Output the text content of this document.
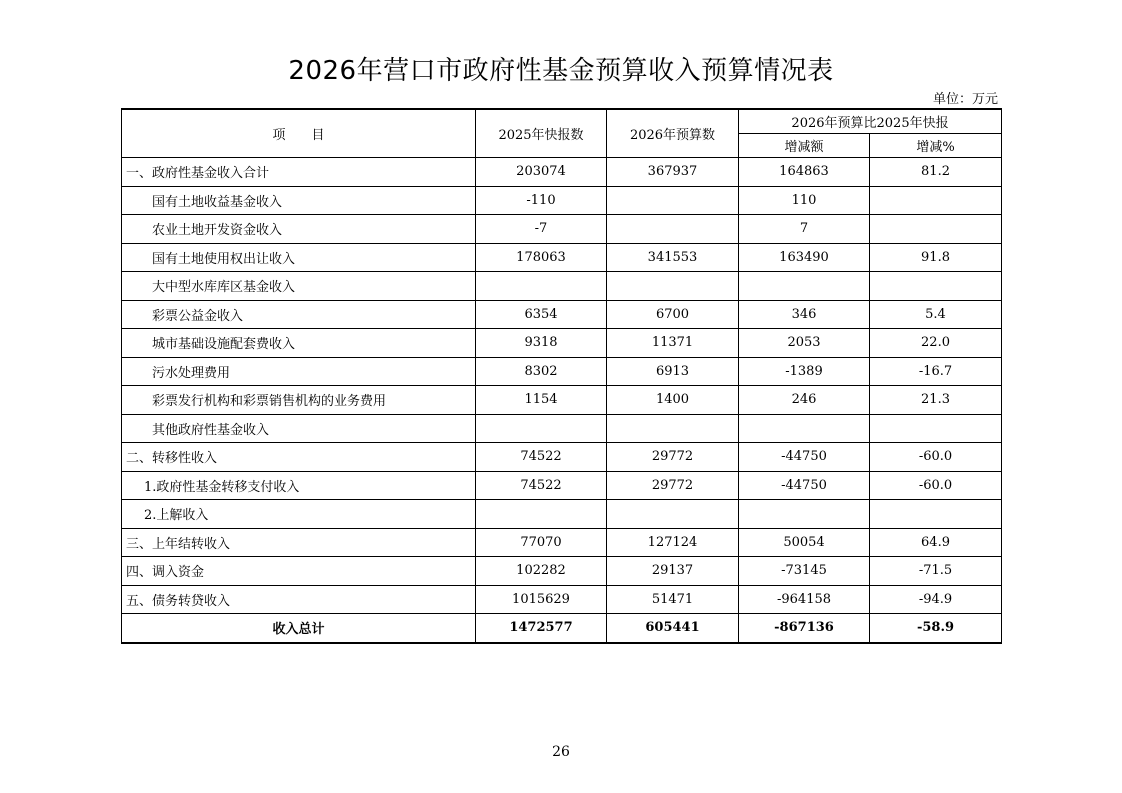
2026年营口市政府性基金预算收入预算情况表
单位：万元
项　　目	2025年快报数	2026年预算数	2026年预算比2025年快报	
			增减额	增减%
一、政府性基金收入合计	203074	367937	164863	81.2
国有土地收益基金收入	-110		110	
农业土地开发资金收入	-7		7	
国有土地使用权出让收入	178063	341553	163490	91.8
大中型水库库区基金收入				
彩票公益金收入	6354	6700	346	5.4
城市基础设施配套费收入	9318	11371	2053	22.0
污水处理费用	8302	6913	-1389	-16.7
彩票发行机构和彩票销售机构的业务费用	1154	1400	246	21.3
其他政府性基金收入				
二、转移性收入	74522	29772	-44750	-60.0
1.政府性基金转移支付收入	74522	29772	-44750	-60.0
2.上解收入				
三、上年结转收入	77070	127124	50054	64.9
四、调入资金	102282	29137	-73145	-71.5
五、债务转贷收入	1015629	51471	-964158	-94.9
收入总计	1472577	605441	-867136	-58.9
26
